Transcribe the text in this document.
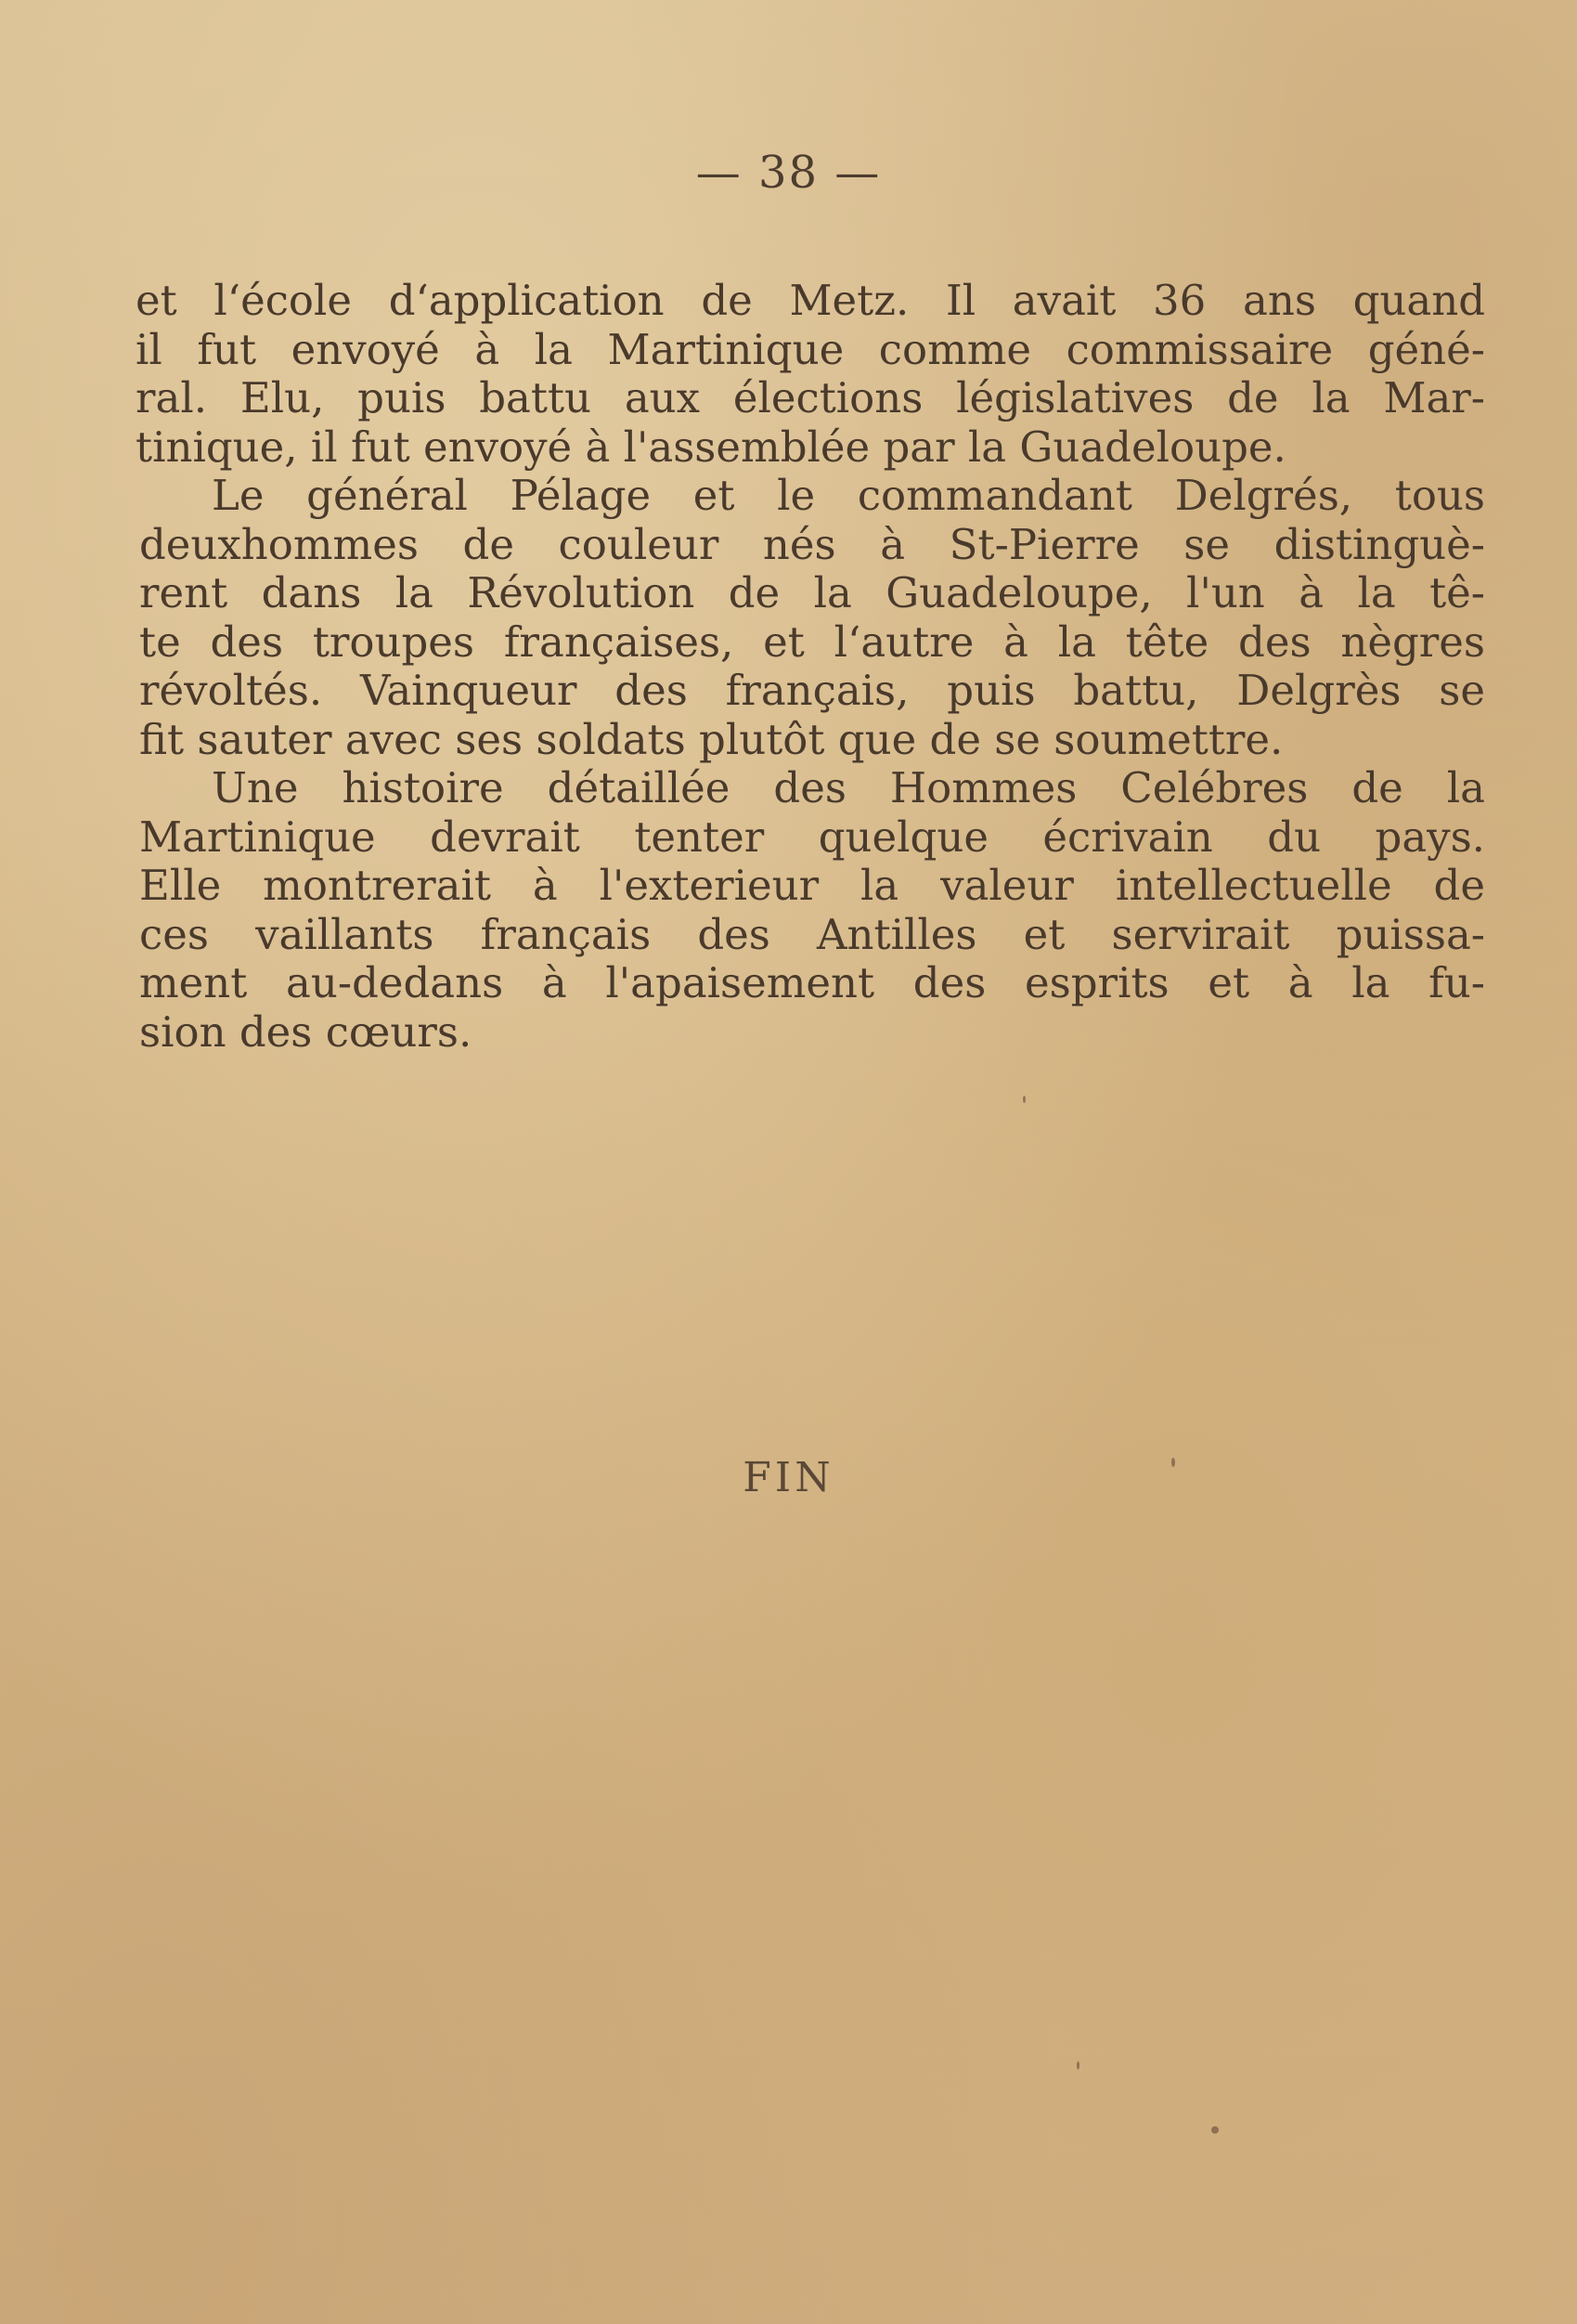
— 38 —

et l‘école d‘application de Metz. Il avait 36 ans quand
il fut envoyé à la Martinique comme commissaire géné-
ral. Elu, puis battu aux élections législatives de la Mar-
tinique, il fut envoyé à l'assemblée par la Guadeloupe.

Le général Pélage et le commandant Delgrés, tous
deuxhommes de couleur nés à St-Pierre se distinguè-
rent dans la Révolution de la Guadeloupe, l'un à la tê-
te des troupes françaises, et l‘autre à la tête des nègres
révoltés. Vainqueur des français, puis battu, Delgrès se
fit sauter avec ses soldats plutôt que de se soumettre.

Une histoire détaillée des Hommes Celébres de la
Martinique devrait tenter quelque écrivain du pays.
Elle montrerait à l'exterieur la valeur intellectuelle de
ces vaillants français des Antilles et servirait puissa-
ment au-dedans à l'apaisement des esprits et à la fu-
sion des cœurs.

FIN
